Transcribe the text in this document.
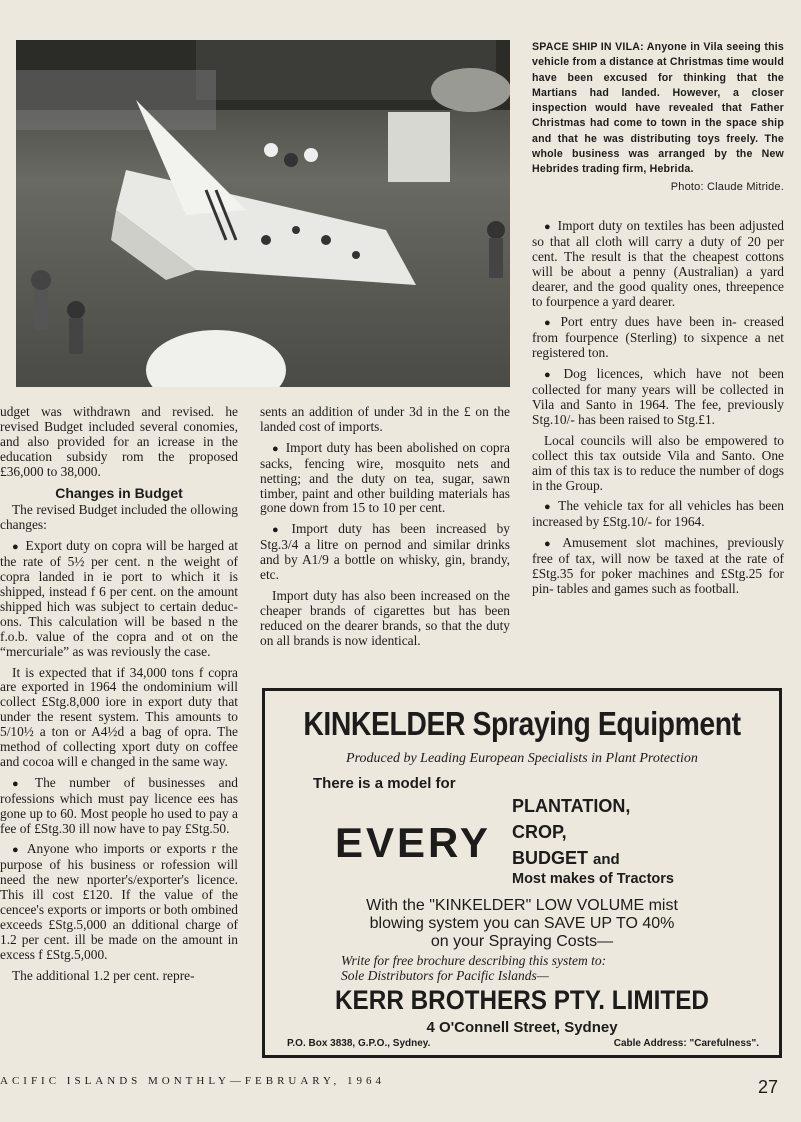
SPACE SHIP IN VILA: Anyone in Vila seeing this vehicle from a distance at Christmas time would have been excused for thinking that the Martians had landed. However, a closer inspection would have revealed that Father Christmas had come to town in the space ship and that he was distributing toys freely. The whole business was arranged by the New Hebrides trading firm, Hebrida.
Photo: Claude Mitride.

udget was withdrawn and revised. he revised Budget included several conomies, and also provided for an icrease in the education subsidy rom the proposed £36,000 to 38,000.

Changes in Budget

The revised Budget included the ollowing changes:

● Export duty on copra will be harged at the rate of 5½ per cent. n the weight of copra landed in ie port to which it is shipped, instead f 6 per cent. on the amount shipped hich was subject to certain deduc- ons. This calculation will be based n the f.o.b. value of the copra and ot on the “mercuriale” as was reviously the case.

It is expected that if 34,000 tons f copra are exported in 1964 the ondominium will collect £Stg.8,000 iore in export duty that under the resent system. This amounts to 5/10½ a ton or A4½d a bag of opra. The method of collecting xport duty on coffee and cocoa will e changed in the same way.

● The number of businesses and rofessions which must pay licence ees has gone up to 60. Most people ho used to pay a fee of £Stg.30 ill now have to pay £Stg.50.

● Anyone who imports or exports r the purpose of his business or rofession will need the new nporter's/exporter's licence. This ill cost £120. If the value of the cencee's exports or imports or both ombined exceeds £Stg.5,000 an dditional charge of 1.2 per cent. ill be made on the amount in excess f £Stg.5,000.

The additional 1.2 per cent. repre-

sents an addition of under 3d in the £ on the landed cost of imports.

● Import duty has been abolished on copra sacks, fencing wire, mosquito nets and netting; and the duty on tea, sugar, sawn timber, paint and other building materials has gone down from 15 to 10 per cent.

● Import duty has been increased by Stg.3/4 a litre on pernod and similar drinks and by A1/9 a bottle on whisky, gin, brandy, etc.

Import duty has also been increased on the cheaper brands of cigarettes but has been reduced on the dearer brands, so that the duty on all brands is now identical.

● Import duty on textiles has been adjusted so that all cloth will carry a duty of 20 per cent. The result is that the cheapest cottons will be about a penny (Australian) a yard dearer, and the good quality ones, threepence to fourpence a yard dearer.

● Port entry dues have been in- creased from fourpence (Sterling) to sixpence a net registered ton.

● Dog licences, which have not been collected for many years will be collected in Vila and Santo in 1964. The fee, previously Stg.10/- has been raised to Stg.£1.

Local councils will also be empowered to collect this tax outside Vila and Santo. One aim of this tax is to reduce the number of dogs in the Group.

● The vehicle tax for all vehicles has been increased by £Stg.10/- for 1964.

● Amusement slot machines, previously free of tax, will now be taxed at the rate of £Stg.35 for poker machines and £Stg.25 for pin- tables and games such as football.

KINKELDER Spraying Equipment
Produced by Leading European Specialists in Plant Protection
There is a model for
EVERY
PLANTATION,
CROP,
BUDGET and
Most makes of Tractors
With the "KINKELDER" LOW VOLUME mist
blowing system you can SAVE UP TO 40%
on your Spraying Costs—
Write for free brochure describing this system to:
Sole Distributors for Pacific Islands—
KERR BROTHERS PTY. LIMITED
4 O'Connell Street, Sydney
P.O. Box 3838, G.P.O., Sydney.	Cable Address: "Carefulness".
ACIFIC ISLANDS MONTHLY—FEBRUARY, 1964	27
